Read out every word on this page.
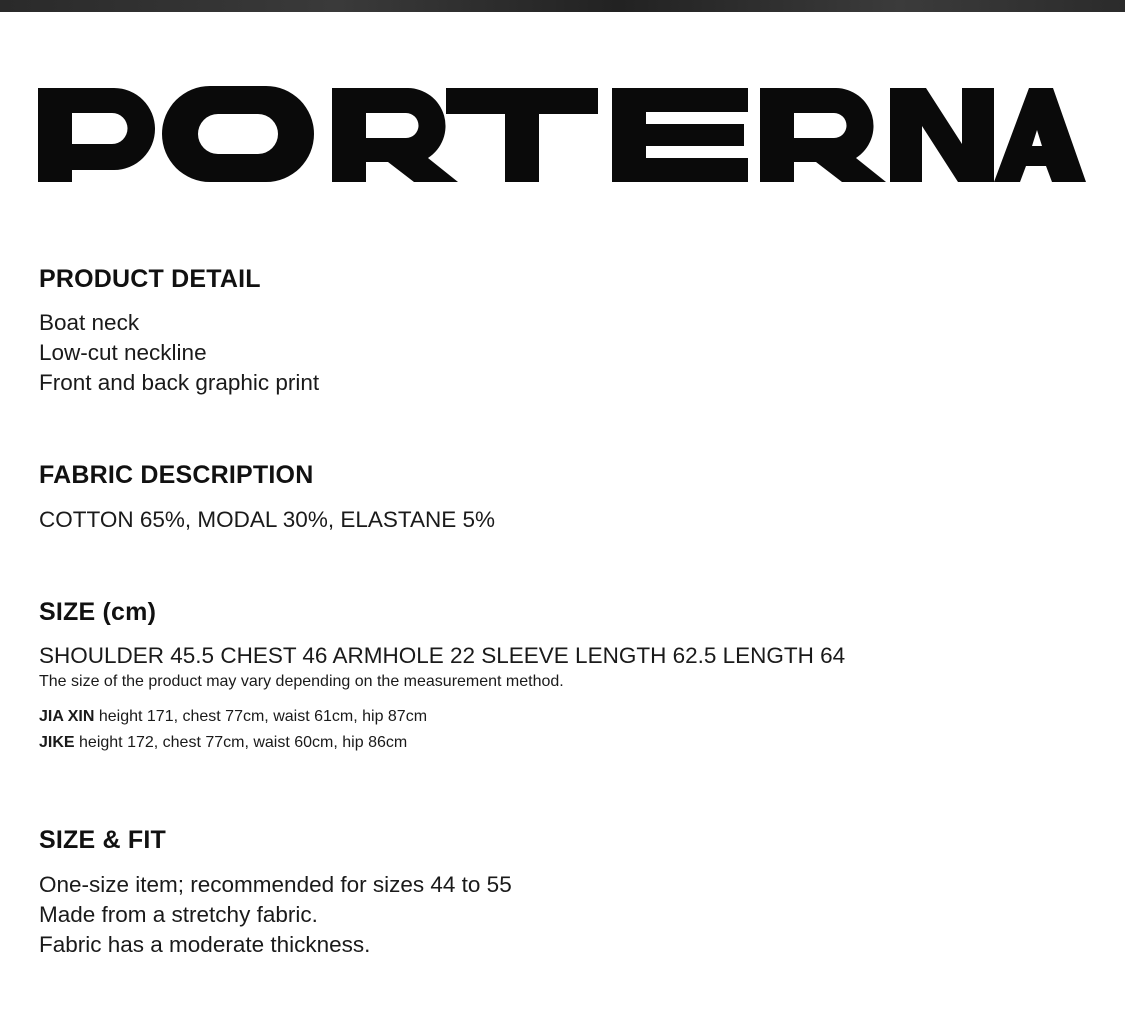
PRODUCT DETAIL

Boat neck

Low-cut neckline

Front and back graphic print

FABRIC DESCRIPTION

COTTON 65%, MODAL 30%, ELASTANE 5%

SIZE (cm)

SHOULDER 45.5 CHEST 46 ARMHOLE 22 SLEEVE LENGTH 62.5 LENGTH 64

The size of the product may vary depending on the measurement method.

JIA XIN height 171, chest 77cm, waist 61cm, hip 87cm

JIKE height 172, chest 77cm, waist 60cm, hip 86cm

SIZE & FIT

One-size item; recommended for sizes 44 to 55

Made from a stretchy fabric.

Fabric has a moderate thickness.
